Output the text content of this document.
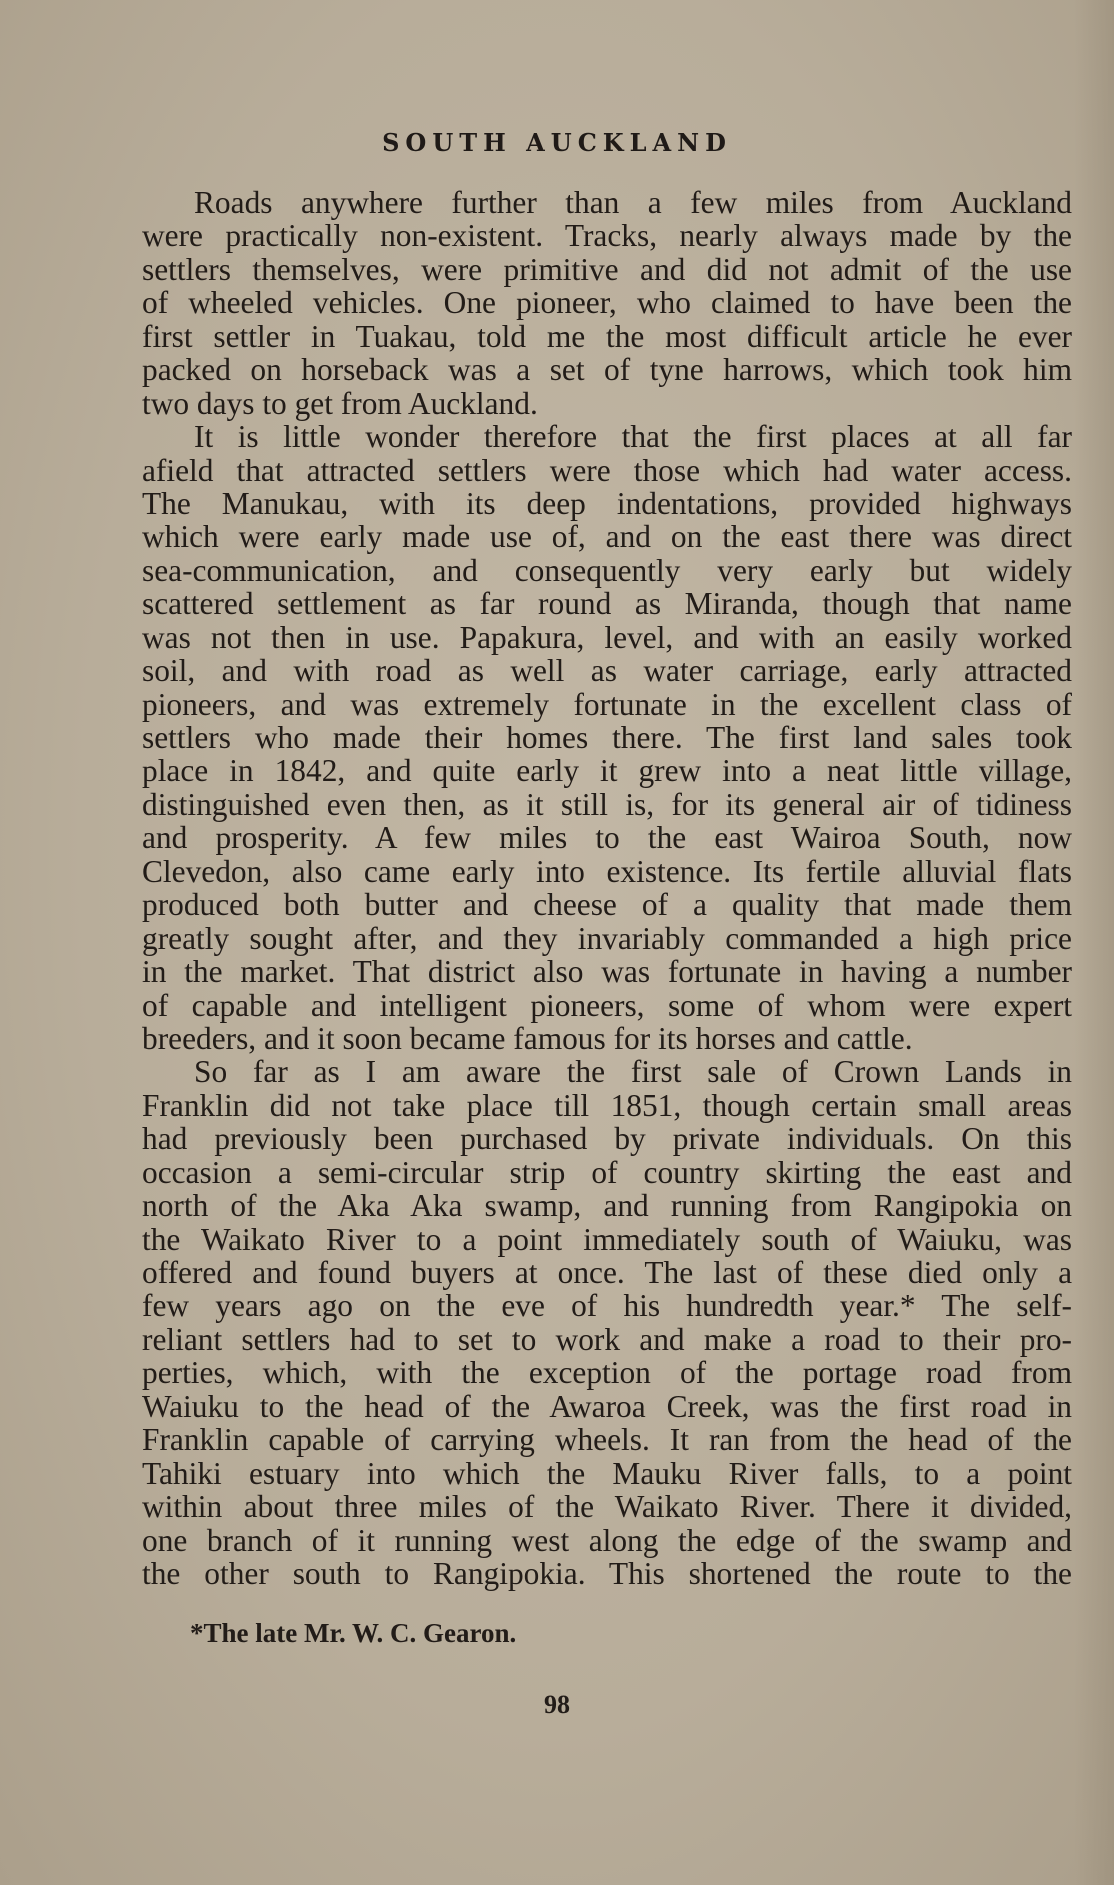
SOUTH AUCKLAND
Roads anywhere further than a few miles from Auckland
were practically non-existent. Tracks, nearly always made by the
settlers themselves, were primitive and did not admit of the use
of wheeled vehicles. One pioneer, who claimed to have been the
first settler in Tuakau, told me the most difficult article he ever
packed on horseback was a set of tyne harrows, which took him
two days to get from Auckland.
It is little wonder therefore that the first places at all far
afield that attracted settlers were those which had water access.
The Manukau, with its deep indentations, provided highways
which were early made use of, and on the east there was direct
sea-communication, and consequently very early but widely
scattered settlement as far round as Miranda, though that name
was not then in use. Papakura, level, and with an easily worked
soil, and with road as well as water carriage, early attracted
pioneers, and was extremely fortunate in the excellent class of
settlers who made their homes there. The first land sales took
place in 1842, and quite early it grew into a neat little village,
distinguished even then, as it still is, for its general air of tidiness
and prosperity. A few miles to the east Wairoa South, now
Clevedon, also came early into existence. Its fertile alluvial flats
produced both butter and cheese of a quality that made them
greatly sought after, and they invariably commanded a high price
in the market. That district also was fortunate in having a number
of capable and intelligent pioneers, some of whom were expert
breeders, and it soon became famous for its horses and cattle.
So far as I am aware the first sale of Crown Lands in
Franklin did not take place till 1851, though certain small areas
had previously been purchased by private individuals. On this
occasion a semi-circular strip of country skirting the east and
north of the Aka Aka swamp, and running from Rangipokia on
the Waikato River to a point immediately south of Waiuku, was
offered and found buyers at once. The last of these died only a
few years ago on the eve of his hundredth year.* The self-
reliant settlers had to set to work and make a road to their pro-
perties, which, with the exception of the portage road from
Waiuku to the head of the Awaroa Creek, was the first road in
Franklin capable of carrying wheels. It ran from the head of the
Tahiki estuary into which the Mauku River falls, to a point
within about three miles of the Waikato River. There it divided,
one branch of it running west along the edge of the swamp and
the other south to Rangipokia. This shortened the route to the
*The late Mr. W. C. Gearon.
98
